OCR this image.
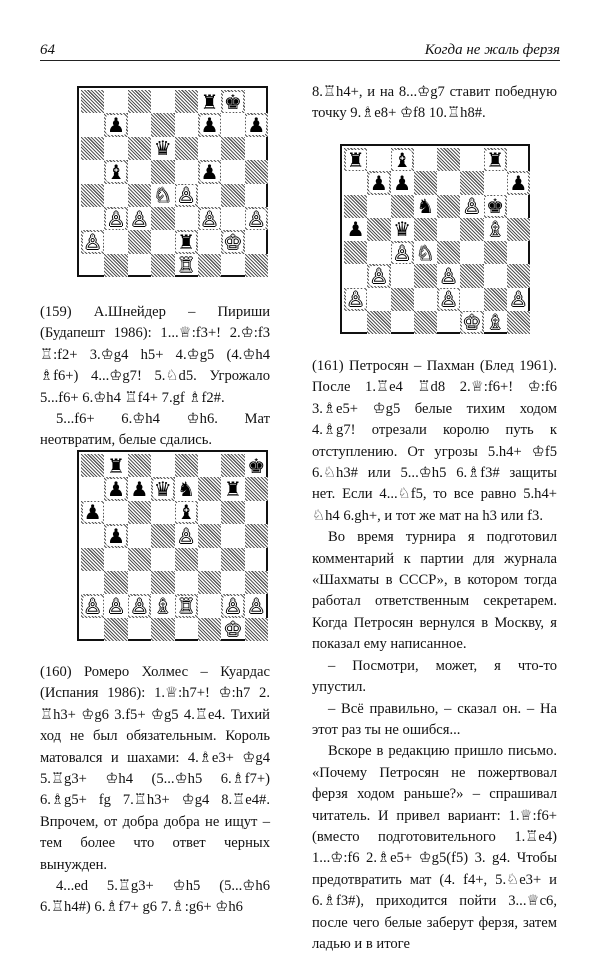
64	Когда не жаль ферзя
♜ ♚
♟	♟ ♟
♛
♝	♟
♘ ♙
♙ ♙	♙ ♙
♙	♜ ♔
♖

(159) А.Шнейдер – Пириши (Будапешт 1986): 1...♕:f3+! 2.♔:f3 ♖:f2+ 3.♔g4 h5+ 4.♔g5 (4.♔h4 ♗f6+) 4...♔g7! 5.♘d5. Угрожало 5...f6+ 6.♔h4 ♖f4+ 7.gf ♗f2#.

5...f6+ 6.♔h4 ♔h6. Мат неотвратим, белые сдались.

♜	♚
♟ ♟ ♛ ♞ ♜
♟	♝
♟	♙
♙ ♙ ♙ ♗ ♖ ♙ ♙
♔

(160) Ромеро Холмес – Куардас (Испания 1986): 1.♕:h7+! ♔:h7 2. ♖h3+ ♔g6 3.f5+ ♔g5 4.♖e4. Тихий ход не был обязательным. Король матовался и шахами: 4.♗e3+ ♔g4 5.♖g3+ ♔h4 (5...♔h5 6.♗f7+) 6.♗g5+ fg 7.♖h3+ ♔g4 8.♖e4#. Впрочем, от добра добра не ищут – тем более что ответ черных вынужден.

4...ed 5.♖g3+ ♔h5 (5...♔h6 6.♖h4#) 6.♗f7+ g6 7.♗:g6+ ♔h6

8.♖h4+, и на 8...♔g7 ставит победную точку 9.♗e8+ ♔f8 10.♖h8#.

♜ ♝	♜
♟ ♟	♟
♞ ♙ ♚
♟ ♛	♗
♙ ♘
♙	♙
♙	♙	♙
♔ ♗

(161) Петросян – Пахман (Блед 1961). После 1.♖e4 ♖d8 2.♕:f6+! ♔:f6 3.♗e5+ ♔g5 белые тихим ходом 4.♗g7! отрезали королю путь к отступлению. От угрозы 5.h4+ ♔f5 6.♘h3# или 5...♔h5 6.♗f3# защиты нет. Если 4...♘f5, то все равно 5.h4+ ♘h4 6.gh+, и тот же мат на h3 или f3.

Во время турнира я подготовил комментарий к партии для журнала «Шахматы в СССР», в котором тогда работал ответственным секретарем. Когда Петросян вернулся в Москву, я показал ему написанное.

– Посмотри, может, я что-то упустил.

– Всё правильно, – сказал он. – На этот раз ты не ошибся...

Вскоре в редакцию пришло письмо. «Почему Петросян не пожертвовал ферзя ходом раньше?» – спрашивал читатель. И привел вариант: 1.♕:f6+ (вместо подготовительного 1.♖e4) 1...♔:f6 2.♗e5+ ♔g5(f5) 3. g4. Чтобы предотвратить мат (4. f4+, 5.♘e3+ и 6.♗f3#), приходится пойти 3...♕c6, после чего белые заберут ферзя, затем ладью и в итоге
